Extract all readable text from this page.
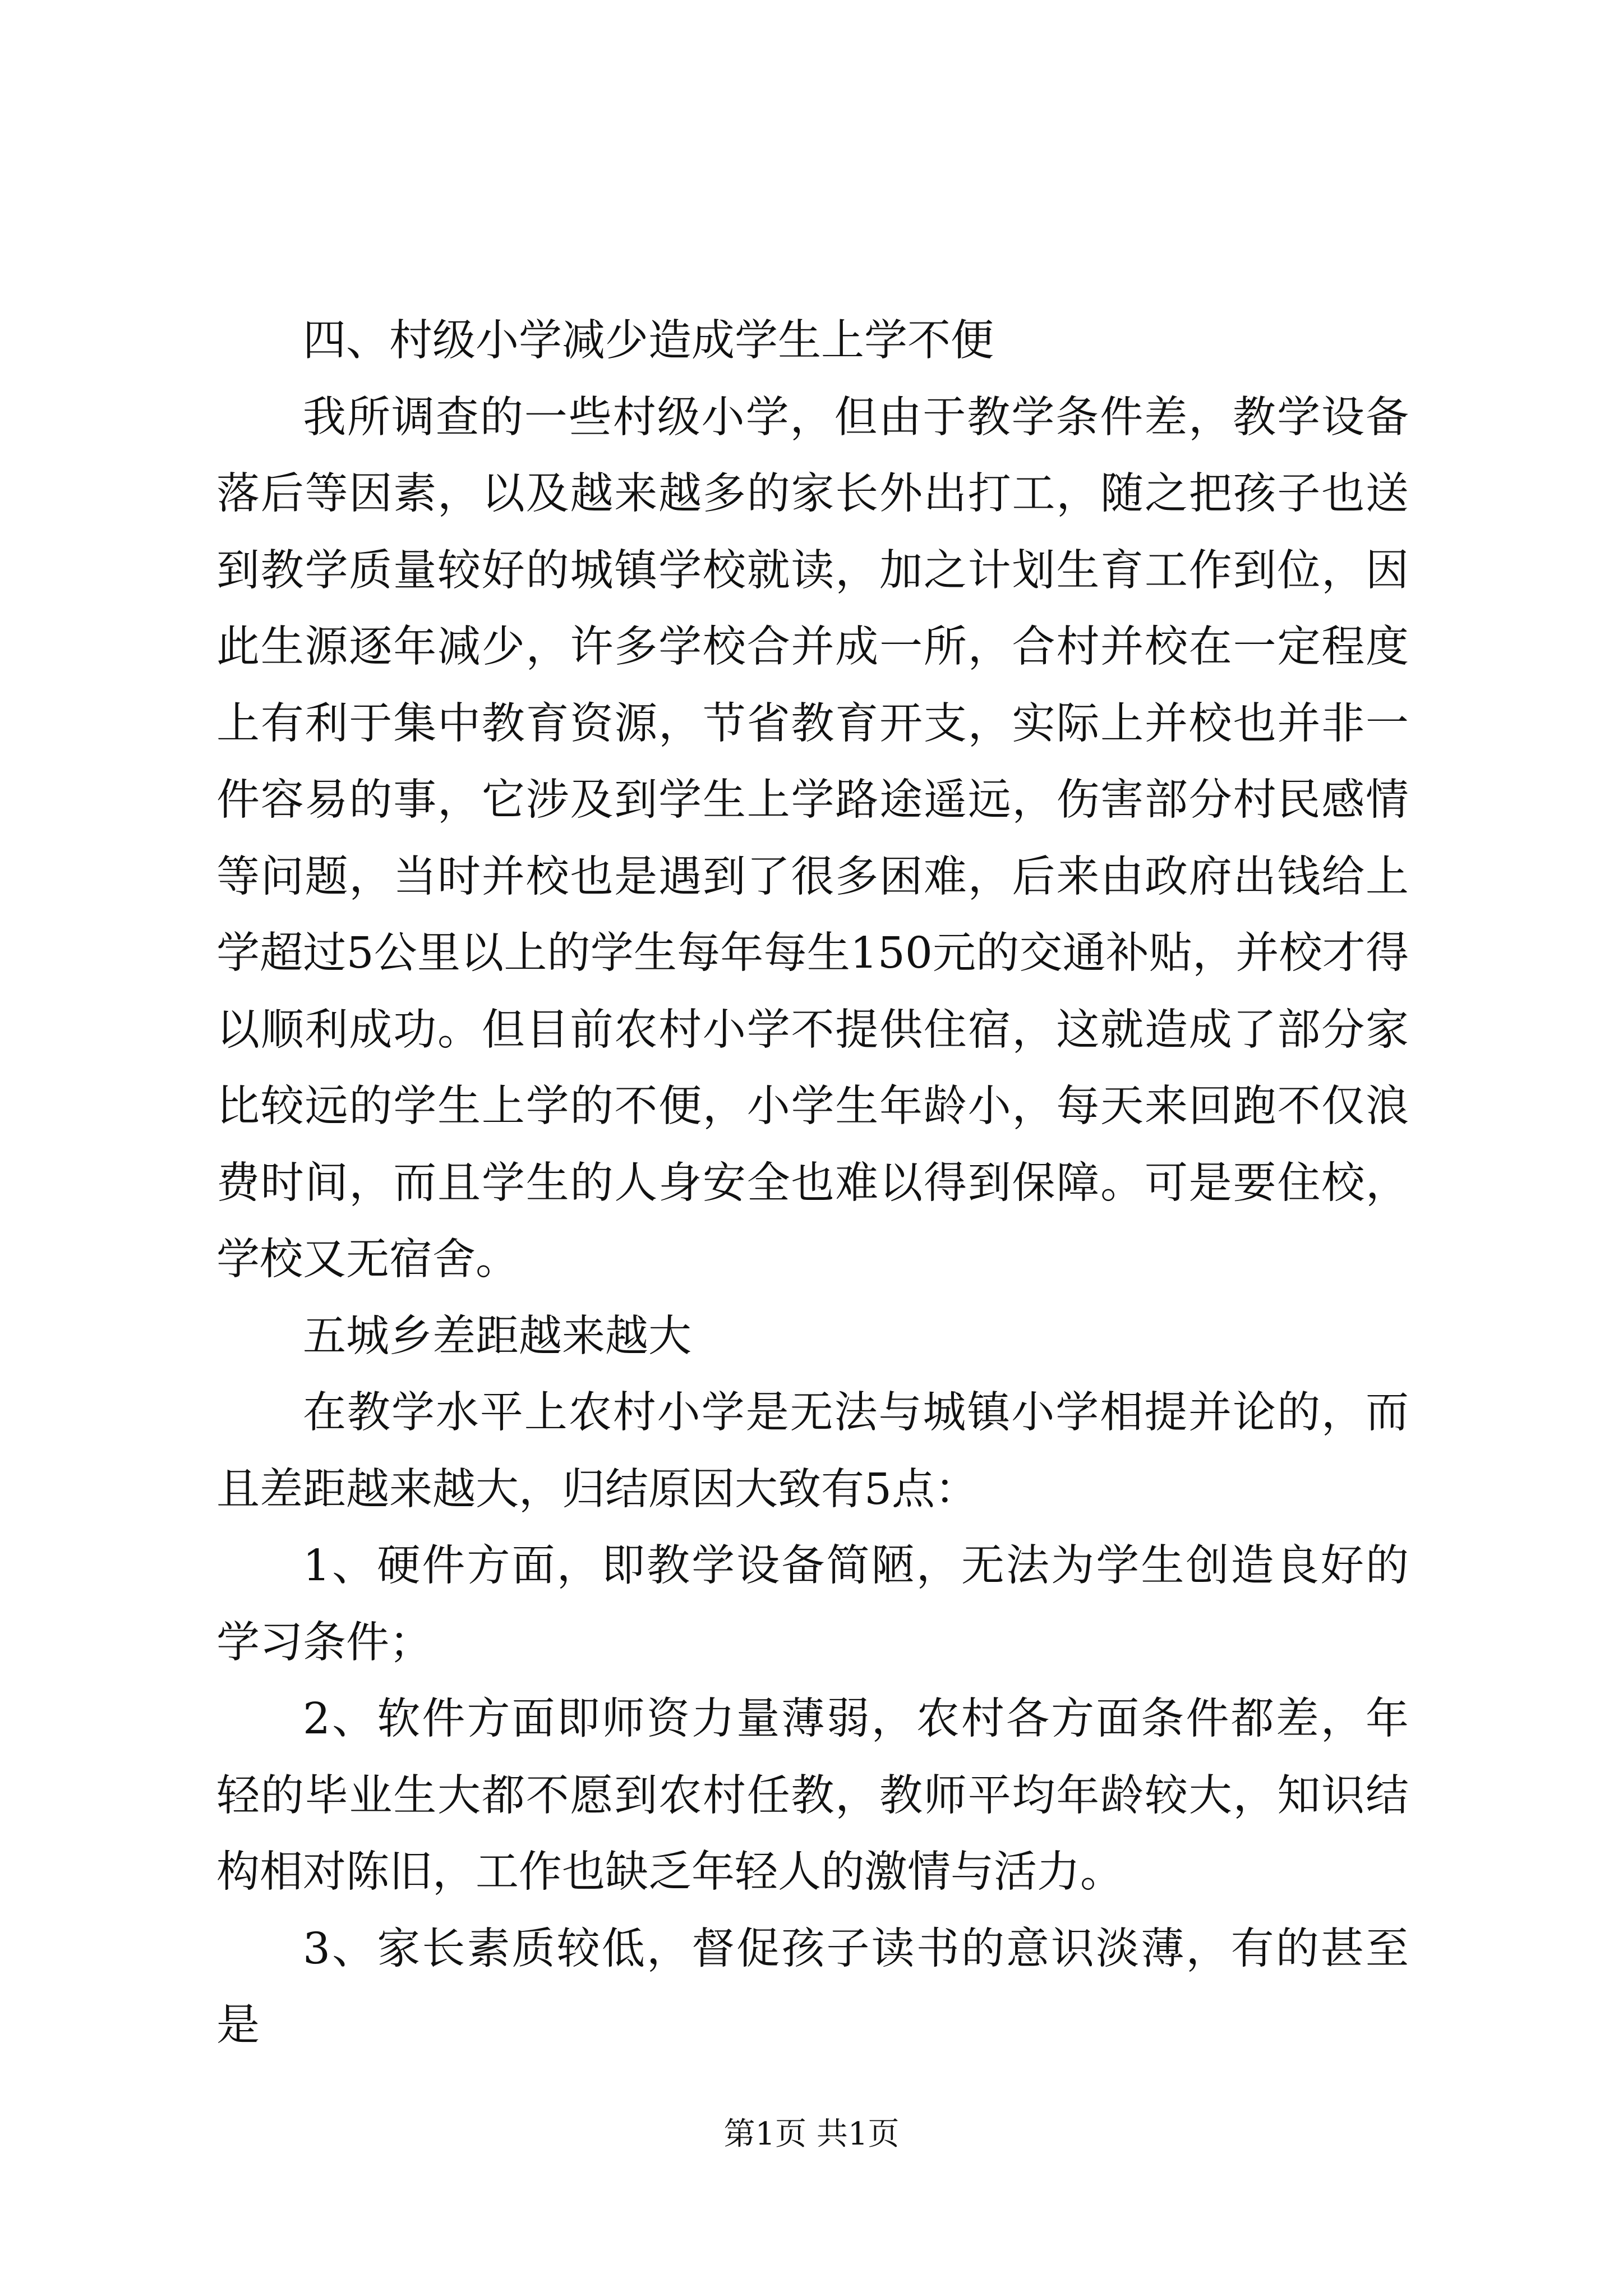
四、村级小学减少造成学生上学不便

我所调查的一些村级小学，但由于教学条件差，教学设备落后等因素，以及越来越多的家长外出打工，随之把孩子也送到教学质量较好的城镇学校就读，加之计划生育工作到位，因此生源逐年减少，许多学校合并成一所，合村并校在一定程度上有利于集中教育资源，节省教育开支，实际上并校也并非一件容易的事，它涉及到学生上学路途遥远，伤害部分村民感情等问题，当时并校也是遇到了很多困难，后来由政府出钱给上学超过5公里以上的学生每年每生150元的交通补贴，并校才得以顺利成功。但目前农村小学不提供住宿，这就造成了部分家比较远的学生上学的不便，小学生年龄小，每天来回跑不仅浪费时间，而且学生的人身安全也难以得到保障。可是要住校，学校又无宿舍。

五城乡差距越来越大

在教学水平上农村小学是无法与城镇小学相提并论的，而且差距越来越大，归结原因大致有5点：

1、硬件方面，即教学设备简陋，无法为学生创造良好的学习条件；

2、软件方面即师资力量薄弱，农村各方面条件都差，年轻的毕业生大都不愿到农村任教，教师平均年龄较大，知识结构相对陈旧，工作也缺乏年轻人的激情与活力。

3、家长素质较低，督促孩子读书的意识淡薄，有的甚至是

第1页 共1页
